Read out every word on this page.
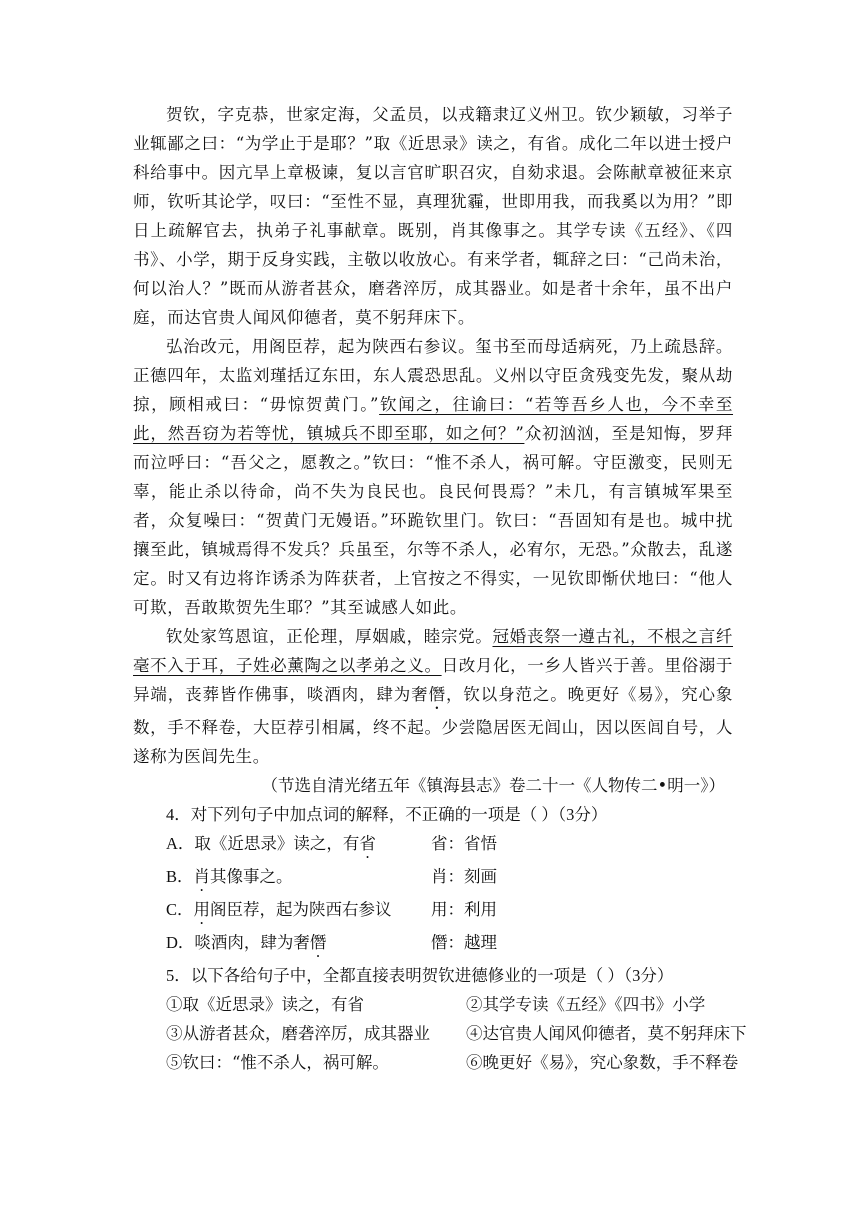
贺钦，字克恭，世家定海，父孟员，以戎籍隶辽义州卫。钦少颖敏，习举子业辄鄙之曰：“为学止于是耶？”取《近思录》读之，有省。成化二年以进士授户科给事中。因亢旱上章极谏，复以言官旷职召灾，自劾求退。会陈献章被征来京师，钦听其论学，叹曰：“至性不显，真理犹霾，世即用我，而我奚以为用？”即日上疏解官去，执弟子礼事献章。既别，肖其像事之。其学专读《五经》、《四书》、小学，期于反身实践，主敬以收放心。有来学者，辄辞之曰：“己尚未治，何以治人？”既而从游者甚众，磨砻淬厉，成其器业。如是者十余年，虽不出户庭，而达官贵人闻风仰德者，莫不躬拜床下。

弘治改元，用阁臣荐，起为陕西右参议。玺书至而母适病死，乃上疏恳辞。正德四年，太监刘瑾括辽东田，东人震恐思乱。义州以守臣贪残变先发，聚从劫掠，顾相戒曰：“毋惊贺黄门。”钦闻之，往谕曰：“若等吾乡人也，今不幸至此，然吾窃为若等忧，镇城兵不即至耶，如之何？”众初汹汹，至是知悔，罗拜而泣呼曰：“吾父之，愿教之。”钦曰：“惟不杀人，祸可解。守臣激变，民则无辜，能止杀以待命，尚不失为良民也。良民何畏焉？”未几，有言镇城军果至者，众复噪曰：“贺黄门无嫚语。”环跪钦里门。钦曰：“吾固知有是也。城中扰攘至此，镇城焉得不发兵？兵虽至，尔等不杀人，必宥尔，无恐。”众散去，乱遂定。时又有边将诈诱杀为阵获者，上官按之不得实，一见钦即惭伏地曰：“他人可欺，吾敢欺贺先生耶？”其至诚感人如此。

钦处家笃恩谊，正伦理，厚姻戚，睦宗党。冠婚丧祭一遵古礼，不根之言纤毫不入于耳，子姓必薰陶之以孝弟之义。日改月化，一乡人皆兴于善。里俗溺于异端，丧葬皆作佛事，啖酒肉，肆为奢僭，钦以身范之。晚更好《易》，究心象数，手不释卷，大臣荐引相属，终不起。少尝隐居医无闾山，因以医闾自号，人遂称为医闾先生。

（节选自清光绪五年《镇海县志》卷二十一《人物传二•明一》）

4．对下列句子中加点词的解释，不正确的一项是（ ）（3分）

A．取《近思录》读之，有省	省：省悟
B．肖其像事之。	肖：刻画
C．用阁臣荐，起为陕西右参议	用：利用
D．啖酒肉，肆为奢僭	僭：越理

5．以下各给句子中，全都直接表明贺钦进德修业的一项是（ ）（3分）

①取《近思录》读之，有省	②其学专读《五经》《四书》小学
③从游者甚众，磨砻淬厉，成其器业	④达官贵人闻风仰德者，莫不躬拜床下
⑤钦曰：“惟不杀人，祸可解。	⑥晚更好《易》，究心象数，手不释卷
